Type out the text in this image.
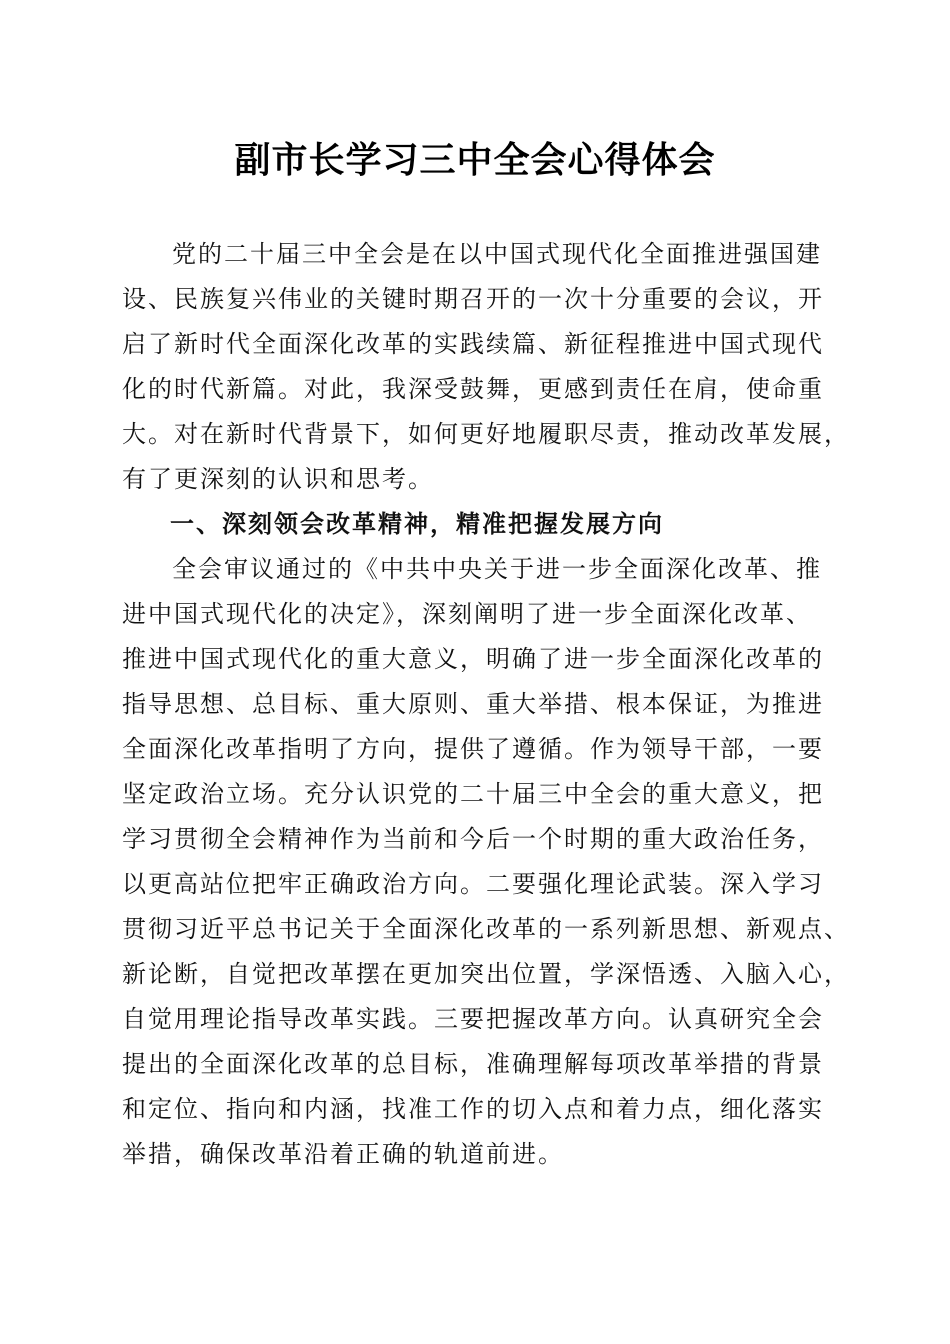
副市长学习三中全会心得体会
党的二十届三中全会是在以中国式现代化全面推进强国建
设、民族复兴伟业的关键时期召开的一次十分重要的会议，开
启了新时代全面深化改革的实践续篇、新征程推进中国式现代
化的时代新篇。对此，我深受鼓舞，更感到责任在肩，使命重
大。对在新时代背景下，如何更好地履职尽责，推动改革发展，
有了更深刻的认识和思考。
一、深刻领会改革精神，精准把握发展方向
全会审议通过的《中共中央关于进一步全面深化改革、推
进中国式现代化的决定》，深刻阐明了进一步全面深化改革、
推进中国式现代化的重大意义，明确了进一步全面深化改革的
指导思想、总目标、重大原则、重大举措、根本保证，为推进
全面深化改革指明了方向，提供了遵循。作为领导干部，一要
坚定政治立场。充分认识党的二十届三中全会的重大意义，把
学习贯彻全会精神作为当前和今后一个时期的重大政治任务，
以更高站位把牢正确政治方向。二要强化理论武装。深入学习
贯彻习近平总书记关于全面深化改革的一系列新思想、新观点、
新论断，自觉把改革摆在更加突出位置，学深悟透、入脑入心，
自觉用理论指导改革实践。三要把握改革方向。认真研究全会
提出的全面深化改革的总目标，准确理解每项改革举措的背景
和定位、指向和内涵，找准工作的切入点和着力点，细化落实
举措，确保改革沿着正确的轨道前进。
